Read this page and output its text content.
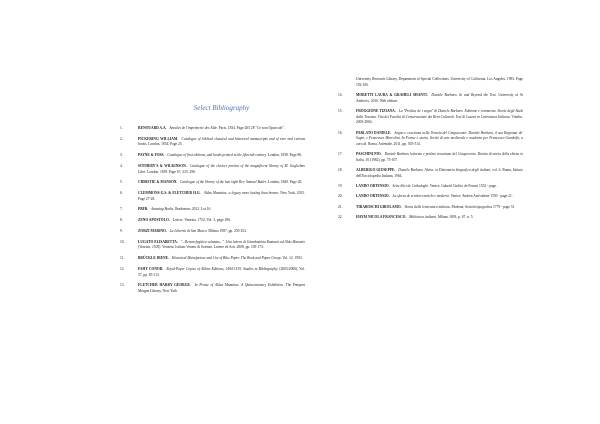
Select Bibliography
1.	RENOUARD A.A. Annales de l'imprimerie des Alde. Paris, 1834. Page 265 28 "Ce sont Opuscule".
2.	PICKERING WILLIAM. Catalogue of biblical classical and historical manuscripts and of rare and curious books. London, 1834. Page 25.
3.	PAYNE & FOSS. Catalogue of first editions, and books printed in the fifteenth century. London, 1838. Page 86.
4.	SOTHEBY'S & WILKINSON. Catalogue of the choicer portion of the magnificent library of M. Guglielmo Libri. London, 1859. Page 67, 235, 296.
5.	CHRISTIE & MANSON. Catalogue of the library of the late right Rev. Samuel Butler. London, 1840. Page 20.
6.	CLEMMONS G.S. & FLETCHER H.G. Aldus Manutius: a legacy more lasting than bronze. New York, 2015. Page 27-28.
7.	PBFB. Amazing Books. Bradenton, 2012. Lot 16.
8.	ZENO APOSTOLO. Lettere. Venezia, 1752, Vol. 3, page 186.
9.	ZORZI MARINO. La Libreria di San Marco. Milano 1987, pp. 250-252.
10.	LUGATO ELISABETTA. "...Rerum fugitiva voluntas...". Una lettera di Giambattista Ramusio ad Aldo Manuzio (Venezia, 1505). Venezia, Istituto Veneto di Scienze, Lettere ed Arti, 2008, pp. 105-173.
11.	BRÜCKLE IRENE. Historical Manufacture and Use of Blue Paper. The Book and Paper Group. Vol. 12, 1993.
12.	FAHY CONOR. Royal-Paper Copies of Aldine Editions, 1494-1535. Studies in Bibliography. (2005/2006), Vol. 57, pp. 85-113.
13.	FLETCHER HARRY GEORGE. In Praise of Aldus Manutius. A Quincentenary Exhibition. The Pierpont Morgan Library, New York
University Research Library, Department of Special Collections, University of California, Los Angeles, 1993. Page 102-106.
14.	MORETTI LAURA & GRAHELI SHANTI. Daniele Barbaro. In and Beyond the Text. University of St Andrews, 2016. Web edition.
15.	FROGGIONE TIZIANA. La "Predica de i sogni" di Daniele Barbaro. Edizione e commento. Storia degli Studi della Toscana. Vita dei Facoltà di Conservazione dei Beni Culturali. Tesi di Laurea in Letteratura Italiana. Viterbo, 2003-2004.
16.	PARLATO DANIELE. Sogno e coscienza nella Venezia del Cinquecento: Daniele Barbaro, il suo Ragionar de' Sogni, e Francesco Marcolini. In Forme e storia. Scritti di arte medievale e moderna per Francesco Gandolfo, a cura di. Roma, Artemide, 2011, pp. 505-514.
17.	PASCHINI PIO. Daniele Barbaro letterato e prelato veneziano del Cinquecento. Rivista di storia della chiesa in Italia. 16 (1962), pp. 73-107.
18.	ALBERIGO GIUSEPPE. Daniele Barbaro. Alvise. in Dizionario biografico degli italiani, vol. 6. Roma, Istituto dell'Enciclopedia Italiana, 1964.
19.	LANDO ORTENSIO. Sette libri de Cathaloghi. Venice, Gabriel Giolito de Ferrari 1552 - page.
20.	LANDO ORTENSIO. La sferza de scrittori antichi e moderni. Venice, Andrea Arrivabene 1550 - page 21.
21.	TIRABOSCHI GIROLAMO. Storia della letteratura italiana. Modena, Società tipografica 1779 - page 51.
22.	HAYM NICOLA FRANCESCO. Biblioteca italiana. Milano 1803, p. 67, n. 5.
